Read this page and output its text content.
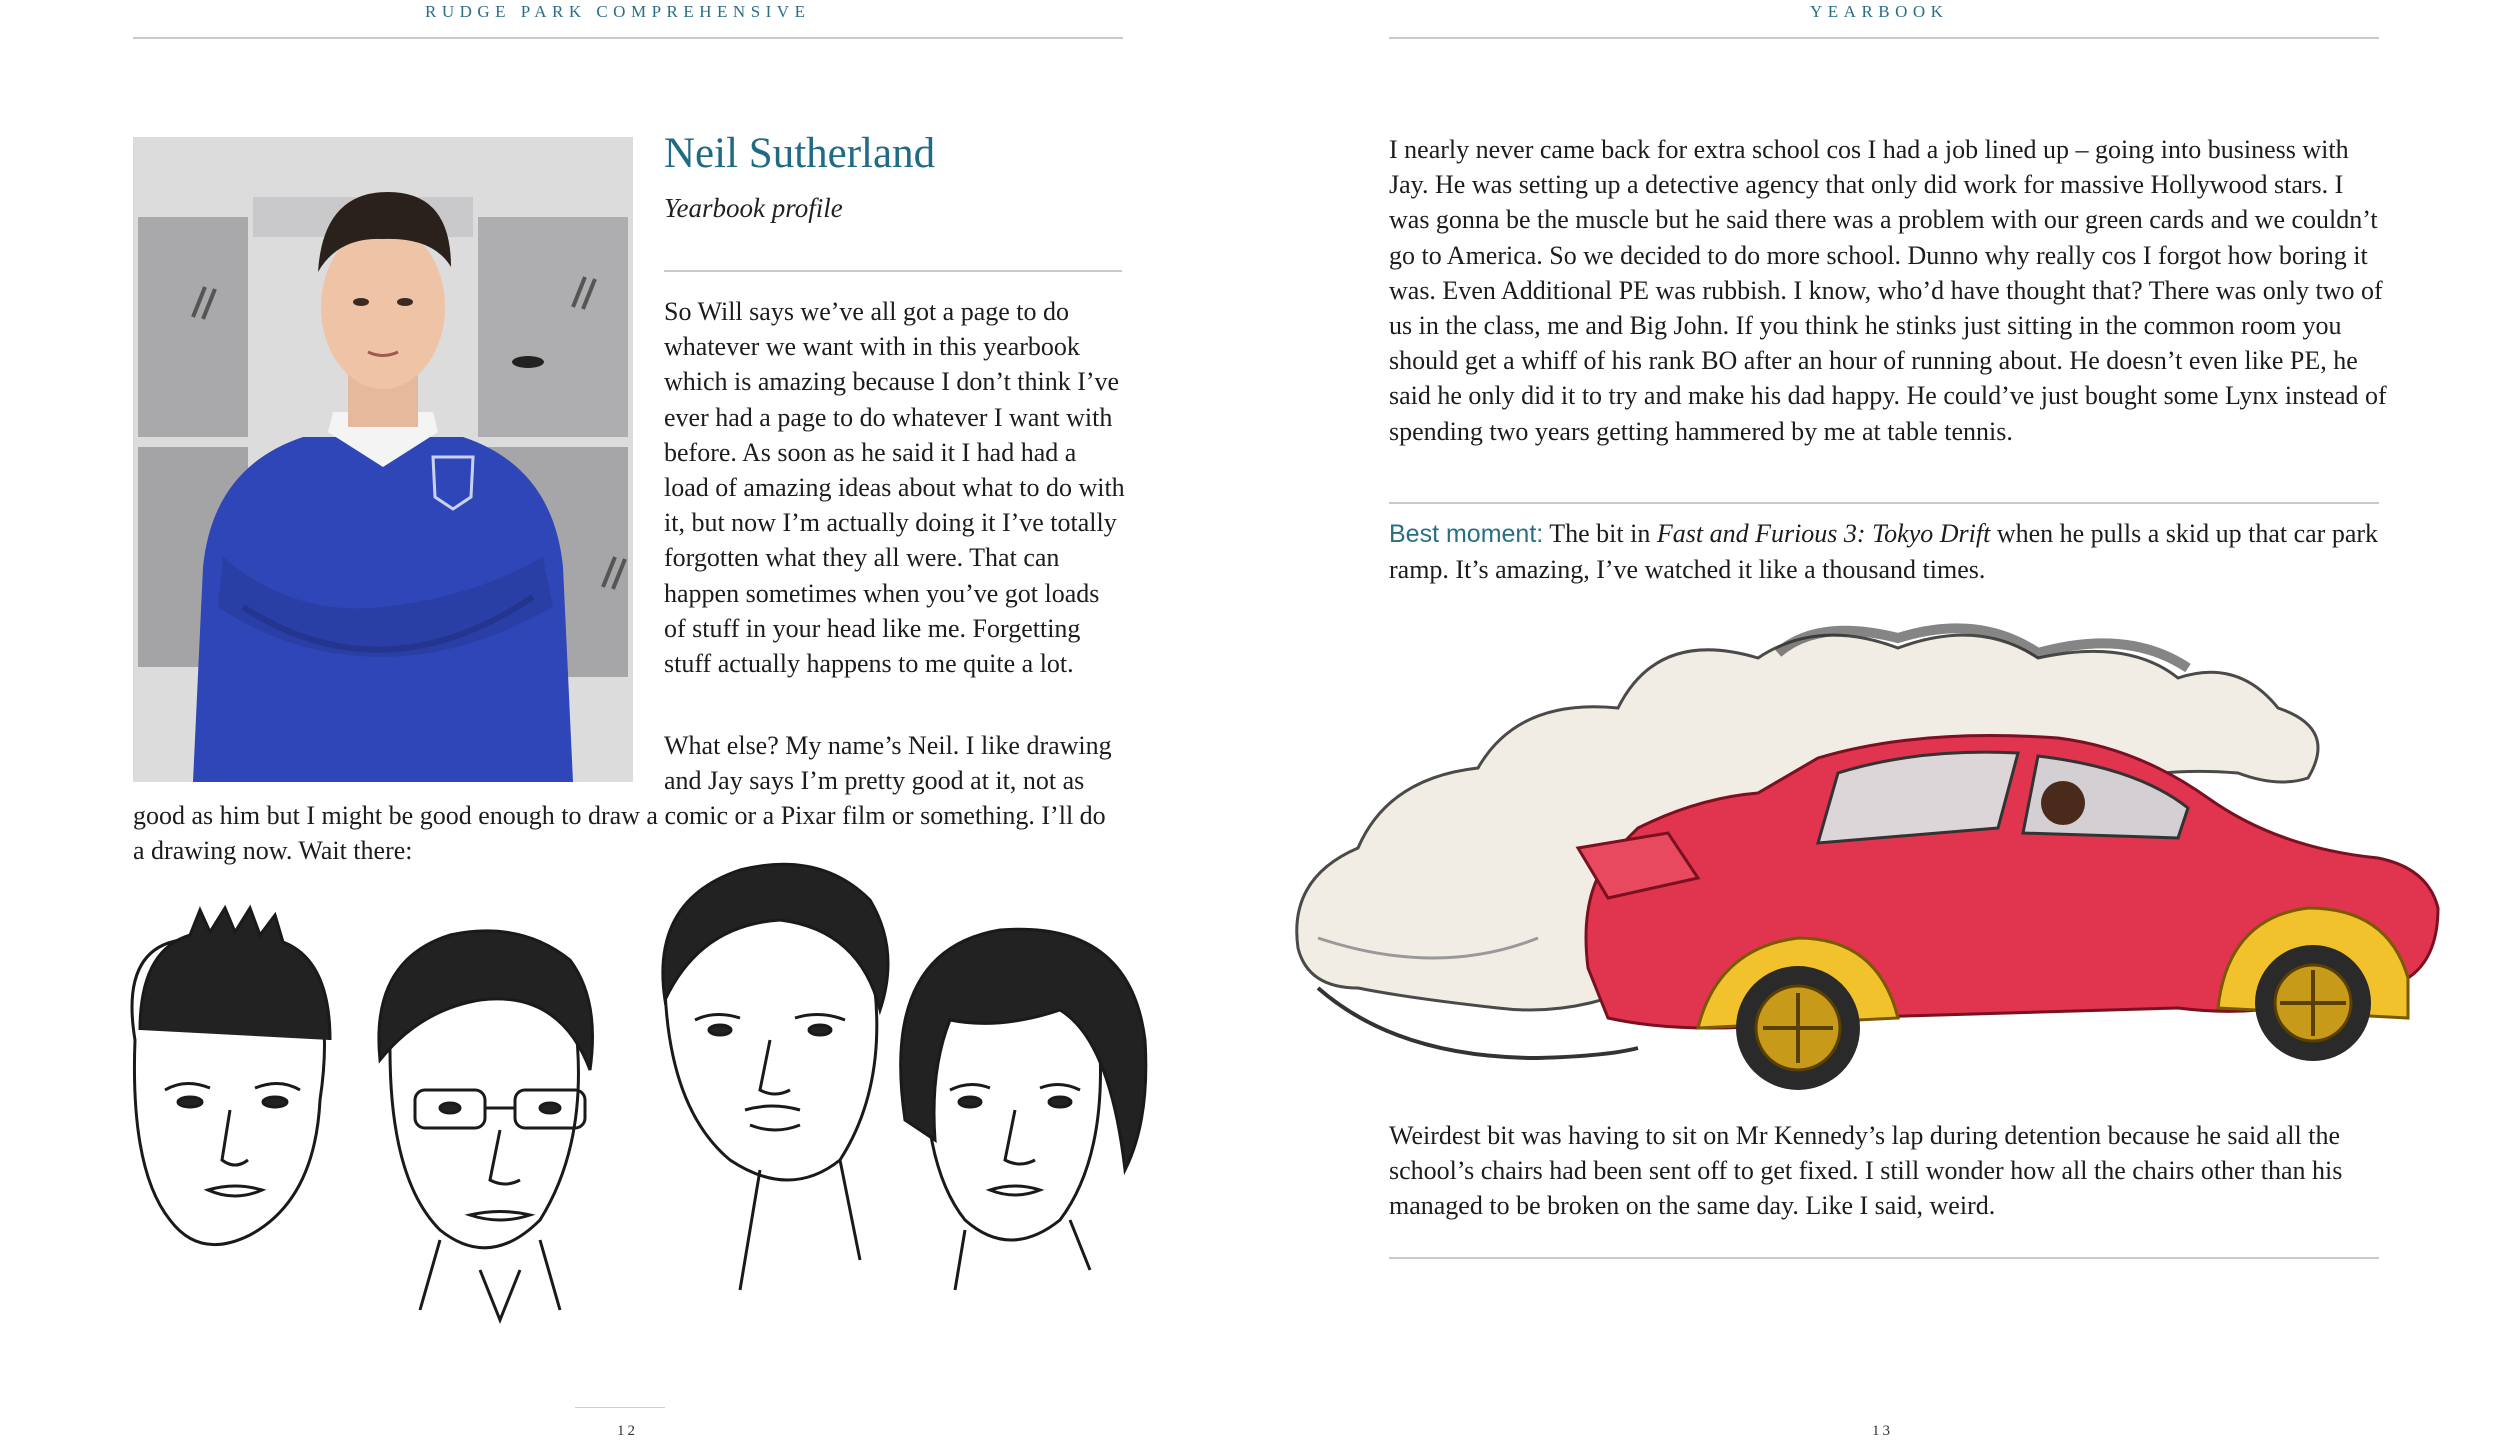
RUDGE PARK COMPREHENSIVE
Neil Sutherland
Yearbook profile

So Will says we’ve all got a page to do whatever we want with in this yearbook which is amazing because I don’t think I’ve ever had a page to do whatever I want with before. As soon as he said it I had had a load of amazing ideas about what to do with it, but now I’m actually doing it I’ve totally forgotten what they all were. That can happen sometimes when you’ve got loads of stuff in your head like me. Forgetting stuff actually happens to me quite a lot.

What else? My name’s Neil. I like drawing and Jay says I’m pretty good at it, not as

good as him but I might be good enough to draw a comic or a Pixar film or something. I’ll do a drawing now. Wait there:

12
YEARBOOK

I nearly never came back for extra school cos I had a job lined up – going into business with Jay. He was setting up a detective agency that only did work for massive Hollywood stars. I was gonna be the muscle but he said there was a problem with our green cards and we couldn’t go to America. So we decided to do more school. Dunno why really cos I forgot how boring it was. Even Additional PE was rubbish. I know, who’d have thought that? There was only two of us in the class, me and Big John. If you think he stinks just sitting in the common room you should get a whiff of his rank BO after an hour of running about. He doesn’t even like PE, he said he only did it to try and make his dad happy. He could’ve just bought some Lynx instead of spending two years getting hammered by me at table tennis.

Best moment: The bit in Fast and Furious 3: Tokyo Drift when he pulls a skid up that car park ramp. It’s amazing, I’ve watched it like a thousand times.

Weirdest bit was having to sit on Mr Kennedy’s lap during detention because he said all the school’s chairs had been sent off to get fixed. I still wonder how all the chairs other than his managed to be broken on the same day. Like I said, weird.

13
